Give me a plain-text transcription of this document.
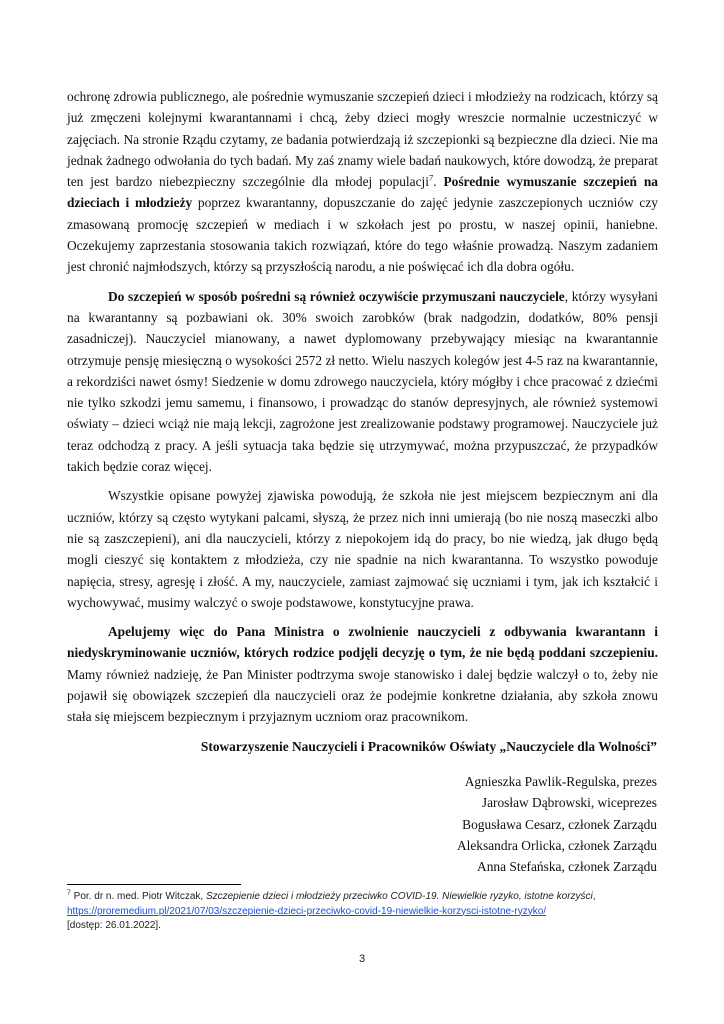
ochronę zdrowia publicznego, ale pośrednie wymuszanie szczepień dzieci i młodzieży na rodzicach, którzy są już zmęczeni kolejnymi kwarantannami i chcą, żeby dzieci mogły wreszcie normalnie uczestniczyć w zajęciach. Na stronie Rządu czytamy, ze badania potwierdzają iż szczepionki są bezpieczne dla dzieci. Nie ma jednak żadnego odwołania do tych badań. My zaś znamy wiele badań naukowych, które dowodzą, że preparat ten jest bardzo niebezpieczny szczególnie dla młodej populacji$^7$. Pośrednie wymuszanie szczepień na dzieciach i młodzieży poprzez kwarantanny, dopuszczanie do zajęć jedynie zaszczepionych uczniów czy zmasowaną promocję szczepień w mediach i w szkołach jest po prostu, w naszej opinii, haniebne. Oczekujemy zaprzestania stosowania takich rozwiązań, które do tego właśnie prowadzą. Naszym zadaniem jest chronić najmłodszych, którzy są przyszłością narodu, a nie poświęcać ich dla dobra ogółu.

Do szczepień w sposób pośredni są również oczywiście przymuszani nauczyciele, którzy wysyłani na kwarantanny są pozbawiani ok. 30% swoich zarobków (brak nadgodzin, dodatków, 80% pensji zasadniczej). Nauczyciel mianowany, a nawet dyplomowany przebywający miesiąc na kwarantannie otrzymuje pensję miesięczną o wysokości 2572 zł netto. Wielu naszych kolegów jest 4-5 raz na kwarantannie, a rekordziści nawet ósmy! Siedzenie w domu zdrowego nauczyciela, który mógłby i chce pracować z dziećmi nie tylko szkodzi jemu samemu, i finansowo, i prowadząc do stanów depresyjnych, ale również systemowi oświaty – dzieci wciąż nie mają lekcji, zagrożone jest zrealizowanie podstawy programowej. Nauczyciele już teraz odchodzą z pracy. A jeśli sytuacja taka będzie się utrzymywać, można przypuszczać, że przypadków takich będzie coraz więcej.

Wszystkie opisane powyżej zjawiska powodują, że szkoła nie jest miejscem bezpiecznym ani dla uczniów, którzy są często wytykani palcami, słyszą, że przez nich inni umierają (bo nie noszą maseczki albo nie są zaszczepieni), ani dla nauczycieli, którzy z niepokojem idą do pracy, bo nie wiedzą, jak długo będą mogli cieszyć się kontaktem z młodzieża, czy nie spadnie na nich kwarantanna. To wszystko powoduje napięcia, stresy, agresję i złość. A my, nauczyciele, zamiast zajmować się uczniami i tym, jak ich kształcić i wychowywać, musimy walczyć o swoje podstawowe, konstytucyjne prawa.

Apelujemy więc do Pana Ministra o zwolnienie nauczycieli z odbywania kwarantann i niedyskryminowanie uczniów, których rodzice podjęli decyzję o tym, że nie będą poddani szczepieniu. Mamy również nadzieję, że Pan Minister podtrzyma swoje stanowisko i dalej będzie walczył o to, żeby nie pojawił się obowiązek szczepień dla nauczycieli oraz że podejmie konkretne działania, aby szkoła znowu stała się miejscem bezpiecznym i przyjaznym uczniom oraz pracownikom.

Stowarzyszenie Nauczycieli i Pracowników Oświaty „Nauczyciele dla Wolności”
Agnieszka Pawlik-Regulska, prezes
Jarosław Dąbrowski, wiceprezes
Bogusława Cesarz, członek Zarządu
Aleksandra Orlicka, członek Zarządu
Anna Stefańska, członek Zarządu
$^7$ Por. dr n. med. Piotr Witczak, Szczepienie dzieci i młodzieży przeciwko COVID-19. Niewielkie ryzyko, istotne korzyści,
https://proremedium.pl/2021/07/03/szczepienie-dzieci-przeciwko-covid-19-niewielkie-korzysci-istotne-ryzyko/
[dostęp: 26.01.2022].
3
